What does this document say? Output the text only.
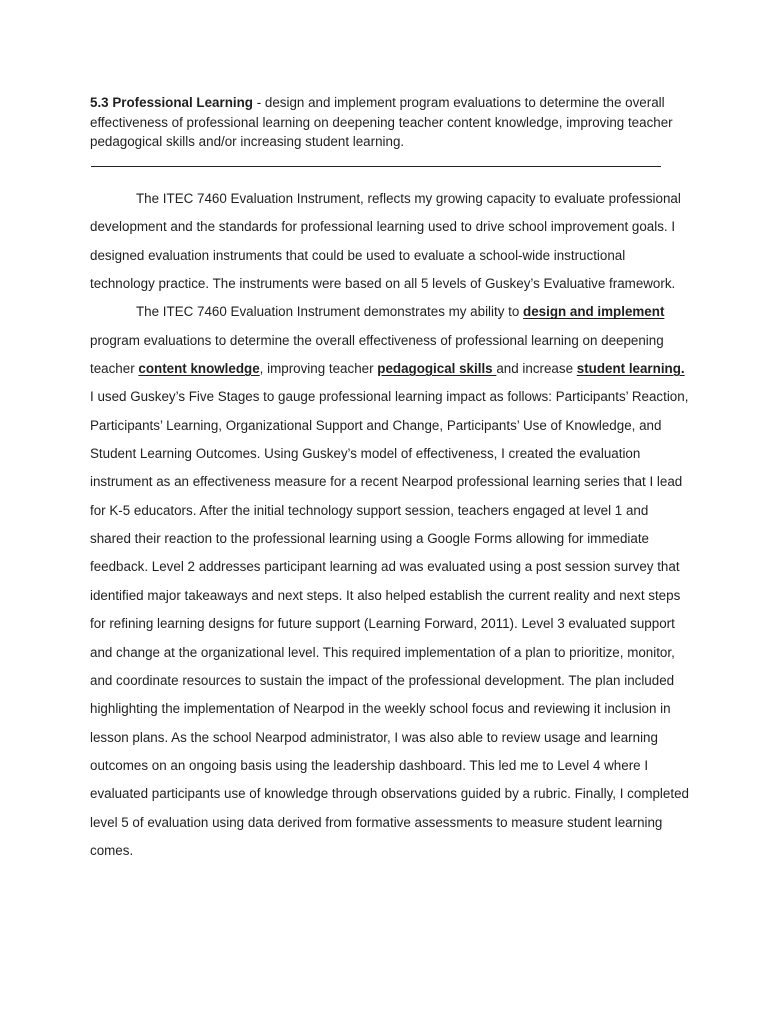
5.3 Professional Learning - design and implement program evaluations to determine the overall effectiveness of professional learning on deepening teacher content knowledge, improving teacher pedagogical skills and/or increasing student learning.

The ITEC 7460 Evaluation Instrument, reflects my growing capacity to evaluate professional development and the standards for professional learning used to drive school improvement goals. I designed evaluation instruments that could be used to evaluate a school-wide instructional technology practice. The instruments were based on all 5 levels of Guskey’s Evaluative framework.

The ITEC 7460 Evaluation Instrument demonstrates my ability to design and implement program evaluations to determine the overall effectiveness of professional learning on deepening teacher content knowledge, improving teacher pedagogical skills and increase student learning. I used Guskey’s Five Stages to gauge professional learning impact as follows: Participants’ Reaction, Participants’ Learning, Organizational Support and Change, Participants’ Use of Knowledge, and Student Learning Outcomes. Using Guskey’s model of effectiveness, I created the evaluation instrument as an effectiveness measure for a recent Nearpod professional learning series that I lead for K-5 educators. After the initial technology support session, teachers engaged at level 1 and shared their reaction to the professional learning using a Google Forms allowing for immediate feedback. Level 2 addresses participant learning ad was evaluated using a post session survey that identified major takeaways and next steps. It also helped establish the current reality and next steps for refining learning designs for future support (Learning Forward, 2011). Level 3 evaluated support and change at the organizational level. This required implementation of a plan to prioritize, monitor, and coordinate resources to sustain the impact of the professional development. The plan included highlighting the implementation of Nearpod in the weekly school focus and reviewing it inclusion in lesson plans. As the school Nearpod administrator, I was also able to review usage and learning outcomes on an ongoing basis using the leadership dashboard. This led me to Level 4 where I evaluated participants use of knowledge through observations guided by a rubric. Finally, I completed level 5 of evaluation using data derived from formative assessments to measure student learning comes.
